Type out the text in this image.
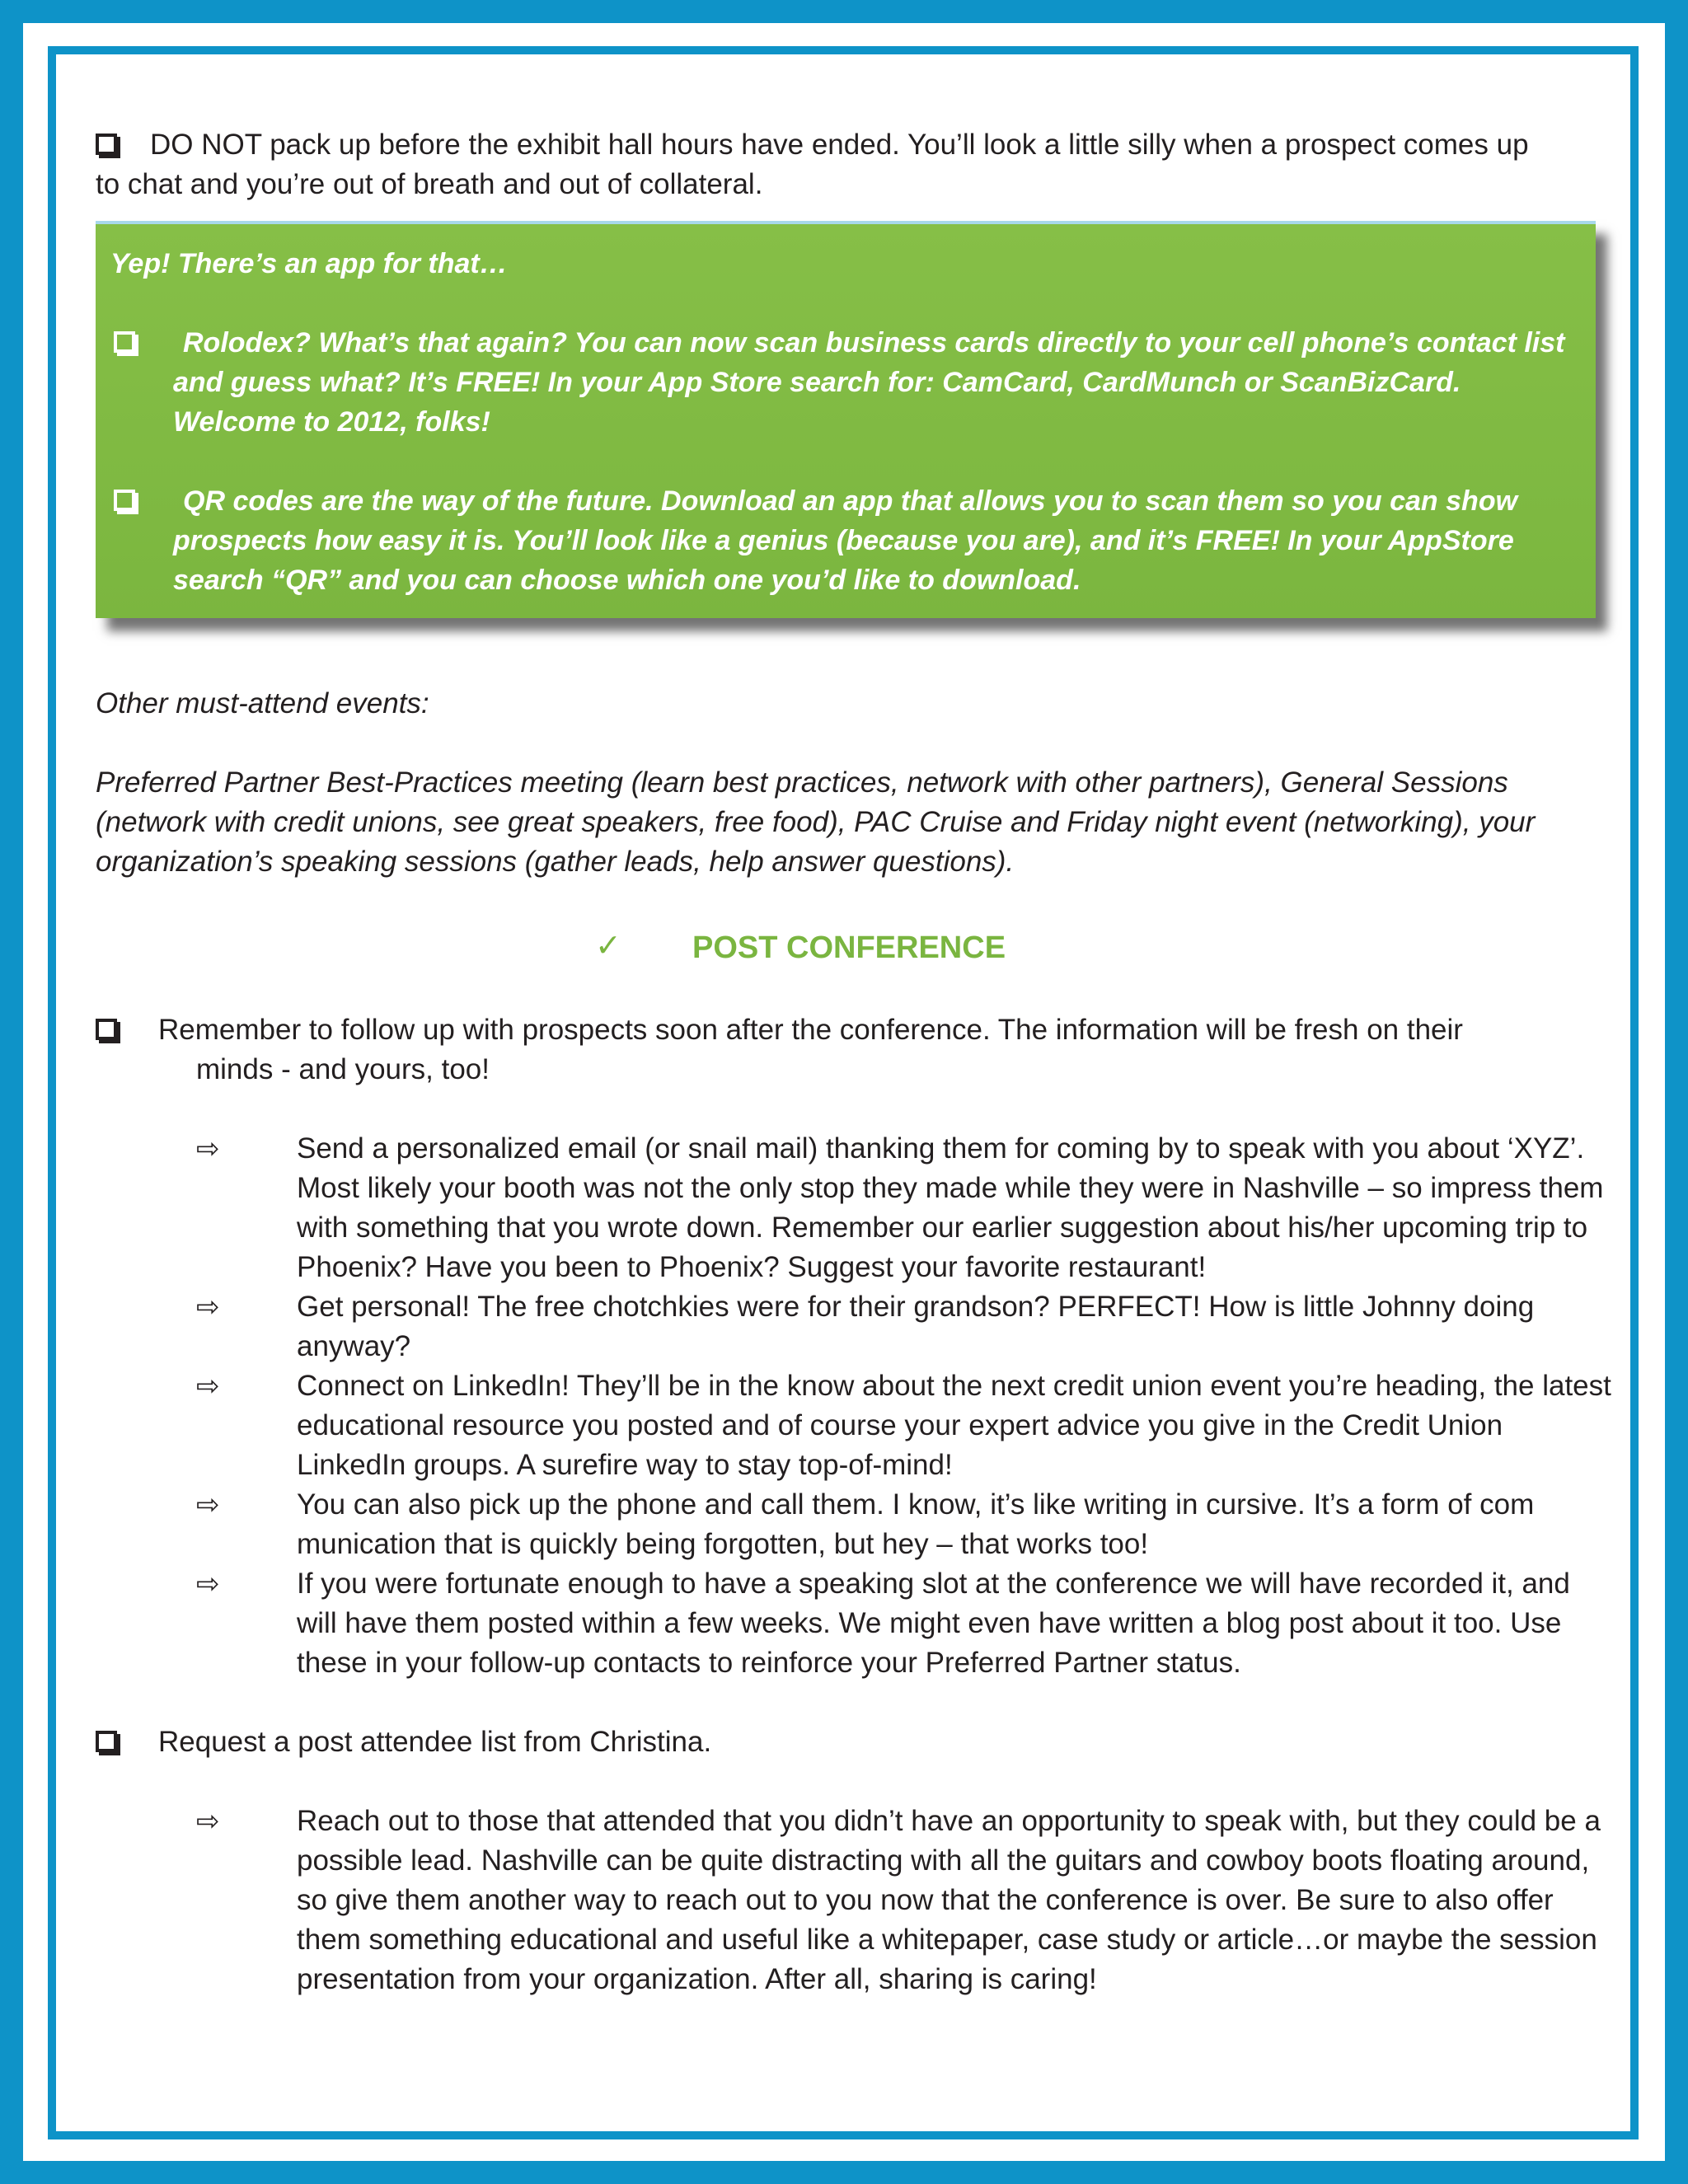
DO NOT pack up before the exhibit hall hours have ended. You’ll look a little silly when a prospect comes up

to chat and you’re out of breath and out of collateral.

Yep! There’s an app for that…
Rolodex? What’s that again? You can now scan business cards directly to your cell phone’s contact list and guess what? It’s FREE! In your App Store search for: CamCard, CardMunch or ScanBizCard. Welcome to 2012, folks!
QR codes are the way of the future. Download an app that allows you to scan them so you can show prospects how easy it is. You’ll look like a genius (because you are), and it’s FREE! In your AppStore search “QR” and you can choose which one you’d like to download.

Other must-attend events:

Preferred Partner Best-Practices meeting (learn best practices, network with other partners), General Sessions (network with credit unions, see great speakers, free food), PAC Cruise and Friday night event (networking), your organization’s speaking sessions (gather leads, help answer questions).

✓ POST CONFERENCE
Remember to follow up with prospects soon after the conference. The information will be fresh on their
minds - and yours, too!
⇨	Send a personalized email (or snail mail) thanking them for coming by to speak with you about ‘XYZ’. Most likely your booth was not the only stop they made while they were in Nashville – so impress them with something that you wrote down. Remember our earlier suggestion about his/her upcoming trip to Phoenix? Have you been to Phoenix? Suggest your favorite restaurant!
⇨	Get personal! The free chotchkies were for their grandson? PERFECT! How is little Johnny doing anyway?
⇨	Connect on LinkedIn! They’ll be in the know about the next credit union event you’re heading, the latest educational resource you posted and of course your expert advice you give in the Credit Union LinkedIn groups. A surefire way to stay top-of-mind!
⇨	You can also pick up the phone and call them. I know, it’s like writing in cursive. It’s a form of com munication that is quickly being forgotten, but hey – that works too!
⇨	If you were fortunate enough to have a speaking slot at the conference we will have recorded it, and will have them posted within a few weeks. We might even have written a blog post about it too. Use these in your follow-up contacts to reinforce your Preferred Partner status.
Request a post attendee list from Christina.
⇨	Reach out to those that attended that you didn’t have an opportunity to speak with, but they could be a possible lead. Nashville can be quite distracting with all the guitars and cowboy boots floating around, so give them another way to reach out to you now that the conference is over. Be sure to also offer them something educational and useful like a whitepaper, case study or article…or maybe the session presentation from your organization. After all, sharing is caring!
